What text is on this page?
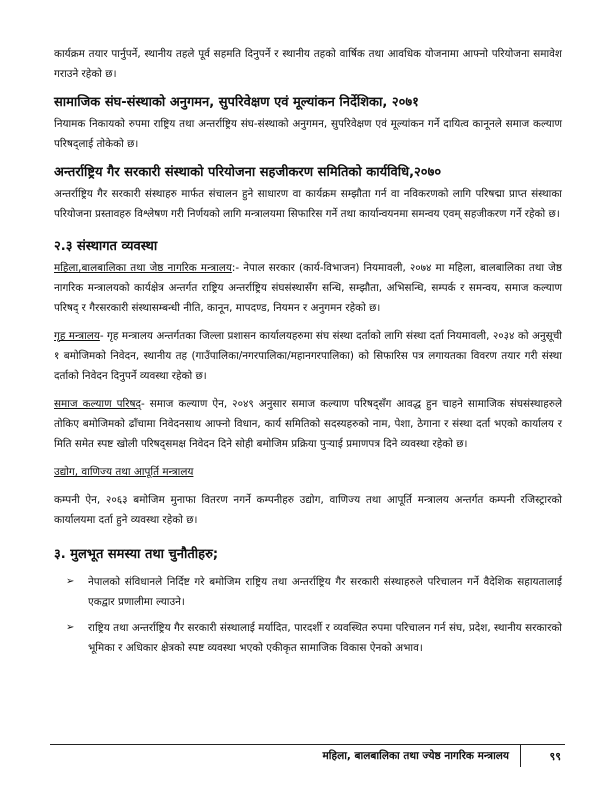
कार्यक्रम तयार पार्नुपर्ने, स्थानीय तहले पूर्व सहमति दिनुपर्ने र स्थानीय तहको वार्षिक तथा आवधिक योजनामा आफ्नो परियोजना समावेश गराउने रहेको छ।

सामाजिक संघ-संस्थाको अनुगमन, सुपरिवेक्षण एवं मूल्यांकन निर्देशिका, २०७१

नियामक निकायको रुपमा राष्ट्रिय तथा अन्तर्राष्ट्रिय संघ-संस्थाको अनुगमन, सुपरिवेक्षण एवं मूल्यांकन गर्ने दायित्व कानूनले समाज कल्याण परिषद्लाई तोकेको छ।

अन्तर्राष्ट्रिय गैर सरकारी संस्थाको परियोजना सहजीकरण समितिको कार्यविधि,२०७०

अन्तर्राष्ट्रिय गैर सरकारी संस्थाहरु मार्फत संचालन हुने साधारण वा कार्यक्रम सम्झौता गर्न वा नविकरणको लागि परिषद्मा प्राप्त संस्थाका परियोजना प्रस्तावहरु विश्लेषण गरी निर्णयको लागि मन्त्रालयमा सिफारिस गर्ने तथा कार्यान्वयनमा समन्वय एवम् सहजीकरण गर्ने रहेको छ।

२.३ संस्थागत व्यवस्था

महिला,बालबालिका तथा जेष्ठ नागरिक मन्त्रालय:- नेपाल सरकार (कार्य-विभाजन) नियमावली, २०७४ मा महिला, बालबालिका तथा जेष्ठ नागरिक मन्त्रालयको कार्यक्षेत्र अन्तर्गत राष्ट्रिय अन्तर्राष्ट्रिय संघसंस्थासँग सन्धि, सम्झौता, अभिसन्धि, सम्पर्क र समन्वय, समाज कल्याण परिषद् र गैरसरकारी संस्थासम्बन्धी नीति, कानून, मापदण्ड, नियमन र अनुगमन रहेको छ।

गृह मन्त्रालय- गृह मन्त्रालय अन्तर्गतका जिल्ला प्रशासन कार्यालयहरुमा संघ संस्था दर्ताको लागि संस्था दर्ता नियमावली, २०३४ को अनुसूची १ बमोजिमको निवेदन, स्थानीय तह (गाउँपालिका/नगरपालिका/महानगरपालिका) को सिफारिस पत्र लगायतका विवरण तयार गरी संस्था दर्ताको निवेदन दिनुपर्ने व्यवस्था रहेको छ।

समाज कल्याण परिषद्- समाज कल्याण ऐन, २०४९ अनुसार समाज कल्याण परिषद्सँग आवद्ध हुन चाहने सामाजिक संघसंस्थाहरुले तोकिए बमोजिमको ढाँचामा निवेदनसाथ आफ्नो विधान, कार्य समितिको सदस्यहरुको नाम, पेशा, ठेगाना र संस्था दर्ता भएको कार्यालय र मिति समेत स्पष्ट खोली परिषद्समक्ष निवेदन दिने सोही बमोजिम प्रक्रिया पुर्‍याई प्रमाणपत्र दिने व्यवस्था रहेको छ।

उद्योग, वाणिज्य तथा आपूर्ति मन्त्रालय

कम्पनी ऐन, २०६३ बमोजिम मुनाफा वितरण नगर्ने कम्पनीहरु उद्योग, वाणिज्य तथा आपूर्ति मन्त्रालय अन्तर्गत कम्पनी रजिस्ट्रारको कार्यालयमा दर्ता हुने व्यवस्था रहेको छ।

३. मुलभूत समस्या तथा चुनौतीहरु;
➢ नेपालको संविधानले निर्दिष्ट गरे बमोजिम राष्ट्रिय तथा अन्तर्राष्ट्रिय गैर सरकारी संस्थाहरुले परिचालन गर्ने वैदेशिक सहायतालाई एकद्वार प्रणालीमा ल्याउने।
➢ राष्ट्रिय तथा अन्तर्राष्ट्रिय गैर सरकारी संस्थालाई मर्यादित, पारदर्शी र व्यवस्थित रुपमा परिचालन गर्न संघ, प्रदेश, स्थानीय सरकारको भूमिका र अधिकार क्षेत्रको स्पष्ट व्यवस्था भएको एकीकृत सामाजिक विकास ऐनको अभाव।
महिला, बालबालिका तथा ज्येष्ठ नागरिक मन्त्रालय	९९
